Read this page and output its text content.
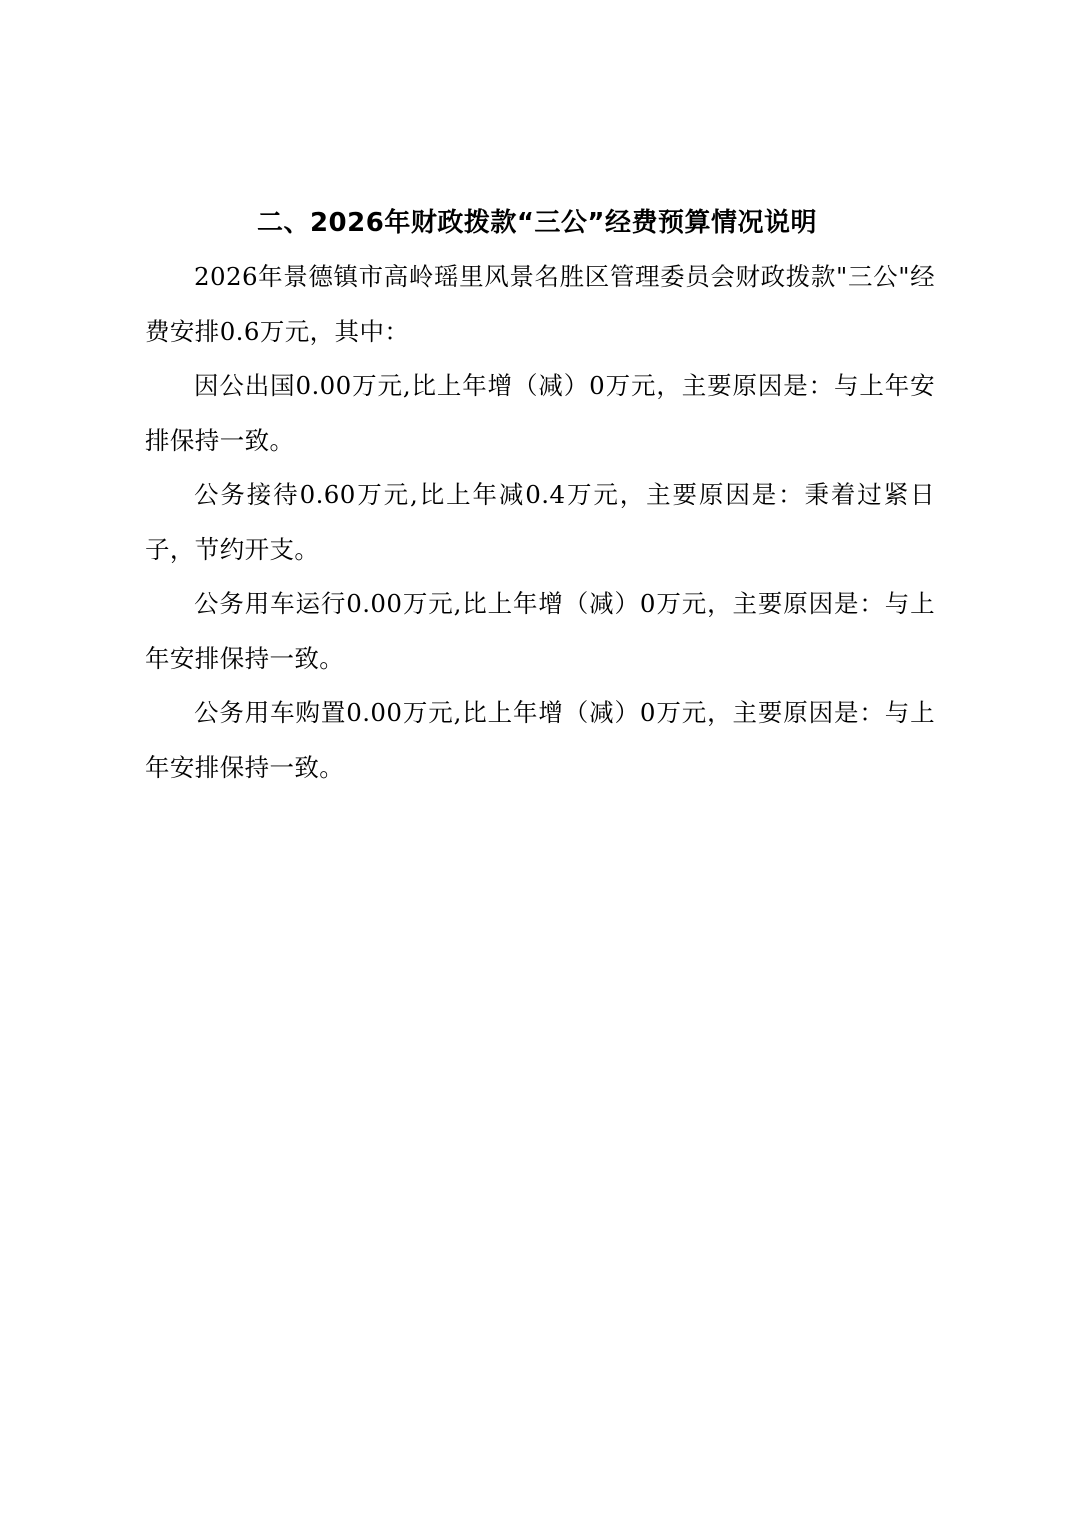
二、2026年财政拨款“三公”经费预算情况说明

2026年景德镇市高岭瑶里风景名胜区管理委员会财政拨款"三公"经费安排0.6万元，其中：

因公出国0.00万元,比上年增（减）0万元，主要原因是：与上年安排保持一致。

公务接待0.60万元,比上年减0.4万元，主要原因是：秉着过紧日子，节约开支。

公务用车运行0.00万元,比上年增（减）0万元，主要原因是：与上年安排保持一致。

公务用车购置0.00万元,比上年增（减）0万元，主要原因是：与上年安排保持一致。
